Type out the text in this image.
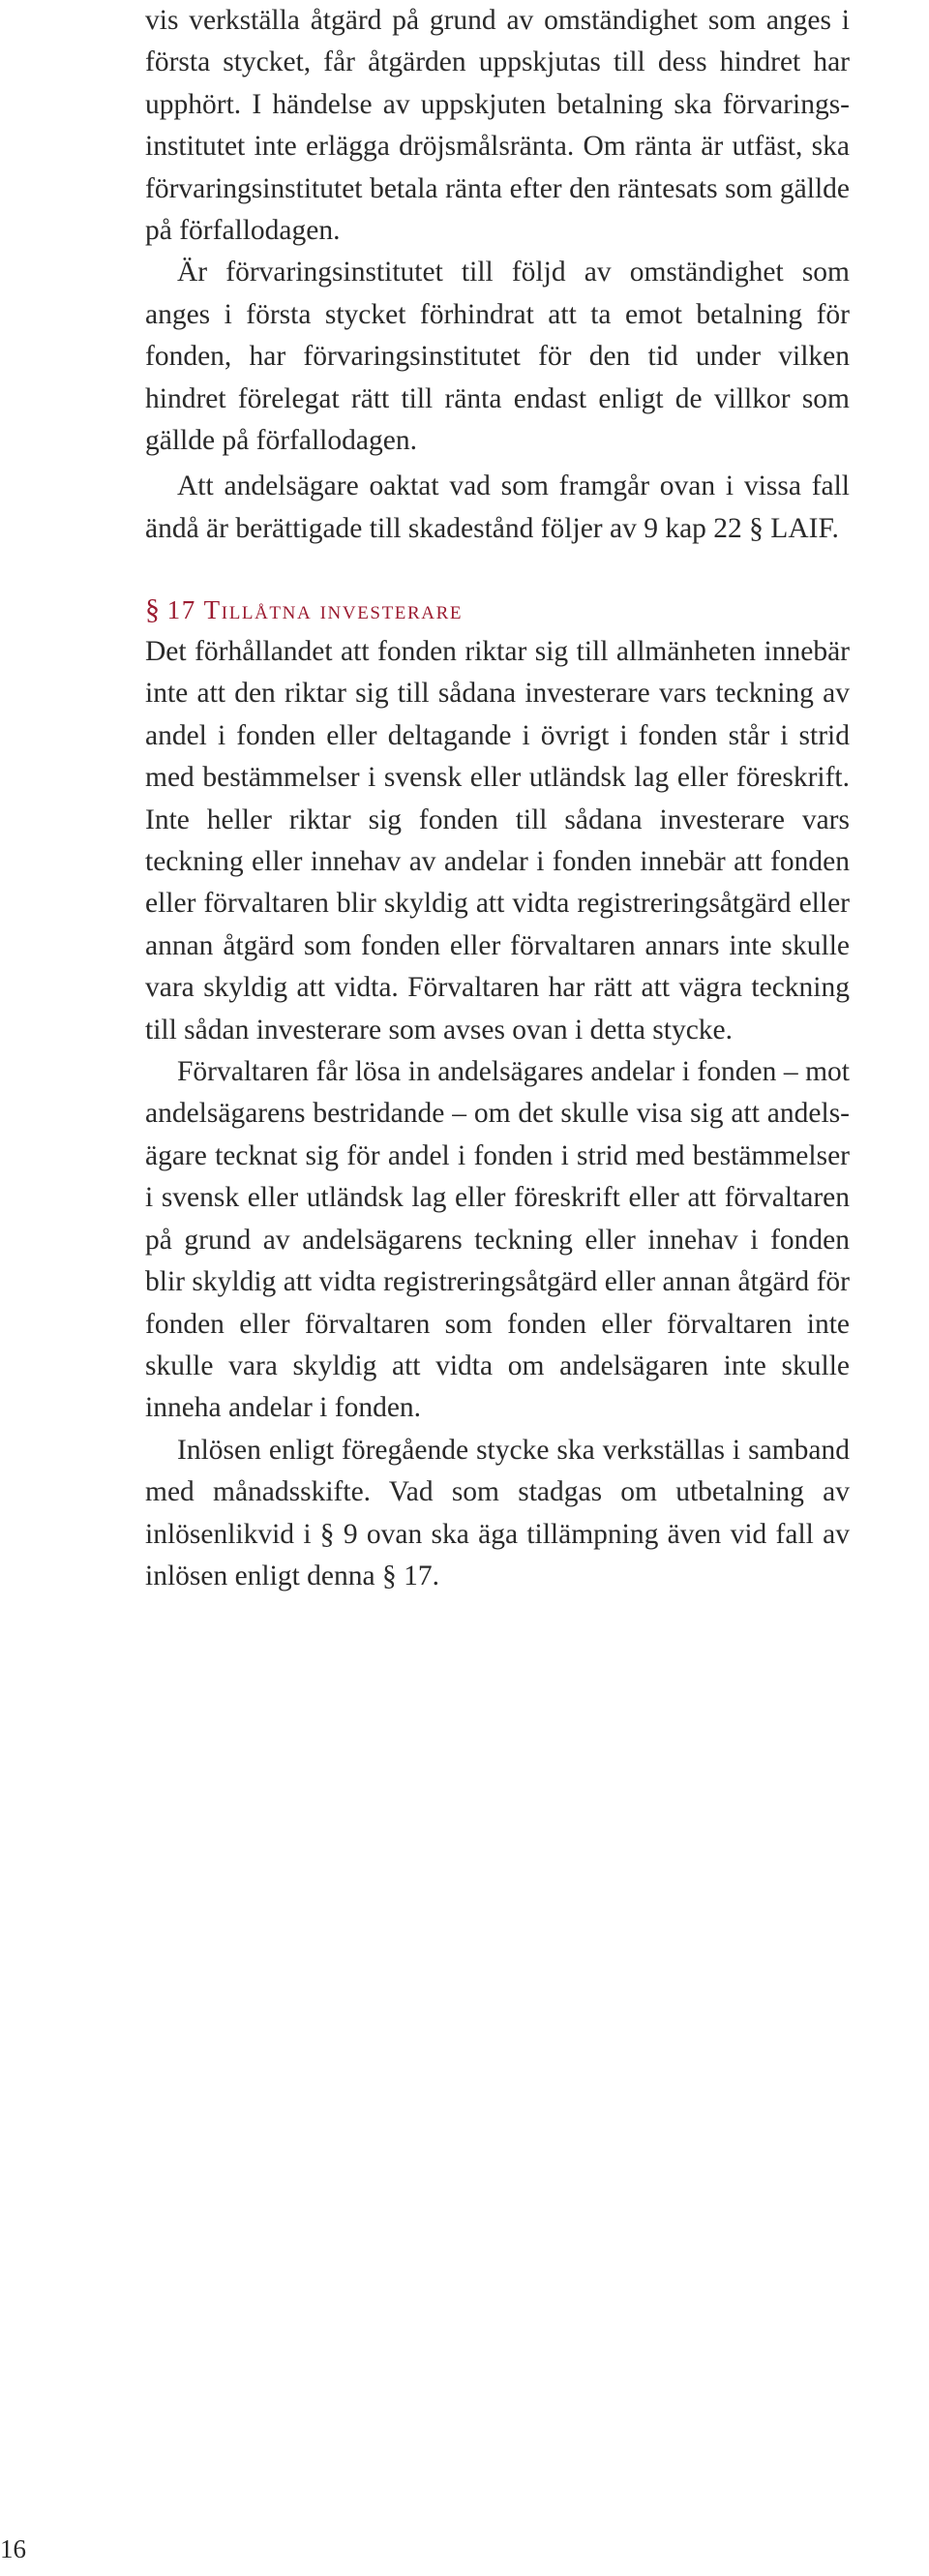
vis verkställa åtgärd på grund av omständighet som anges i första stycket, får åtgärden uppskjutas till dess hindret har upphört. I händelse av uppskjuten betalning ska förvaringsinstitutet inte erlägga dröjsmålsränta. Om ränta är utfäst, ska förvaringsinstitutet betala ränta efter den räntesats som gällde på förfallodagen.

Är förvaringsinstitutet till följd av omständighet som anges i första stycket förhindrat att ta emot betalning för fonden, har förvaringsinstitutet för den tid under vilken hindret förelegat rätt till ränta endast enligt de villkor som gällde på förfallodagen.

Att andelsägare oaktat vad som framgår ovan i vissa fall ändå är berättigade till skadestånd följer av 9 kap 22 § LAIF.

§ 17 Tillåtna investerare

Det förhållandet att fonden riktar sig till allmänheten innebär inte att den riktar sig till sådana investerare vars teckning av andel i fonden eller deltagande i övrigt i fonden står i strid med bestämmelser i svensk eller utländsk lag eller föreskrift. Inte heller riktar sig fonden till sådana investerare vars teckning eller innehav av andelar i fonden innebär att fonden eller förvaltaren blir skyldig att vidta registreringsåtgärd eller annan åtgärd som fonden eller förvaltaren annars inte skulle vara skyldig att vidta. Förvaltaren har rätt att vägra teckning till sådan investerare som avses ovan i detta stycke.

Förvaltaren får lösa in andelsägares andelar i fonden – mot andelsägarens bestridande – om det skulle visa sig att andelsägare tecknat sig för andel i fonden i strid med bestämmelser i svensk eller utländsk lag eller föreskrift eller att förvaltaren på grund av andelsägarens teckning eller innehav i fonden blir skyldig att vidta registreringsåtgärd eller annan åtgärd för fonden eller förvaltaren som fonden eller förvaltaren inte skulle vara skyldig att vidta om andelsägaren inte skulle inneha andelar i fonden.

Inlösen enligt föregående stycke ska verkställas i samband med månadsskifte. Vad som stadgas om utbetalning av inlösenlikvid i § 9 ovan ska äga tillämpning även vid fall av inlösen enligt denna § 17.

16
